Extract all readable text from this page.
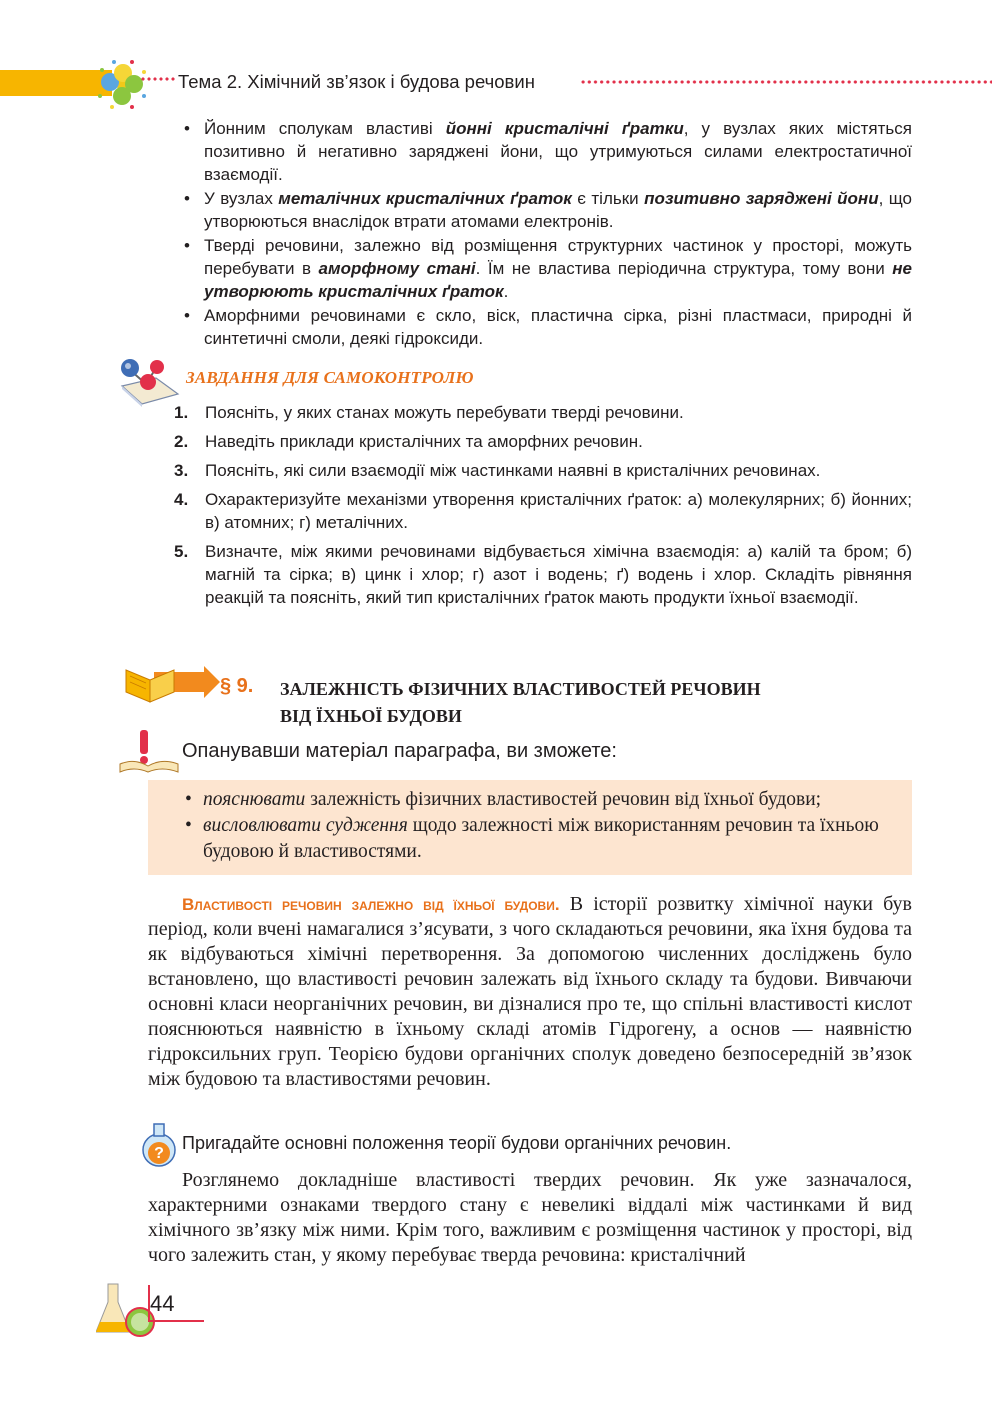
Тема 2. Хімічний зв’язок і будова речовин
• Йонним сполукам властиві йонні кристалічні ґратки, у вузлах яких містяться позитивно й негативно заряджені йони, що утримуються силами електростатичної взаємодії.
• У вузлах металічних кристалічних ґраток є тільки позитивно заряджені йони, що утворюються внаслідок втрати атомами електронів.
• Тверді речовини, залежно від розміщення структурних частинок у просторі, можуть перебувати в аморфному стані. Їм не властива періодична структура, тому вони не утворюють кристалічних ґраток.
• Аморфними речовинами є скло, віск, пластична сірка, різні пластмаси, природні й синтетичні смоли, деякі гідроксиди.
ЗАВДАННЯ ДЛЯ САМОКОНТРОЛЮ
1. Поясніть, у яких станах можуть перебувати тверді речовини.
2. Наведіть приклади кристалічних та аморфних речовин.
3. Поясніть, які сили взаємодії між частинками наявні в кристалічних речовинах.
4. Охарактеризуйте механізми утворення кристалічних ґраток: а) молекулярних; б) йонних; в) атомних; г) металічних.
5. Визначте, між якими речовинами відбувається хімічна взаємодія: а) калій та бром; б) магній та сірка; в) цинк і хлор; г) азот і водень; ґ) водень і хлор. Складіть рівняння реакцій та поясніть, який тип кристалічних ґраток мають продукти їхньої взаємодії.
§ 9. ЗАЛЕЖНІСТЬ ФІЗИЧНИХ ВЛАСТИВОСТЕЙ РЕЧОВИН
ВІД ЇХНЬОЇ БУДОВИ
Опанувавши матеріал параграфа, ви зможете:
• пояснювати залежність фізичних властивостей речовин від їхньої будови;
• висловлювати судження щодо залежності між використанням речовин та їхньою будовою й властивостями.
Властивості речовин залежно від їхньої будови. В історії розвитку хімічної науки був період, коли вчені намагалися з’ясувати, з чого складаються речовини, яка їхня будова та як відбуваються хімічні перетворення. За допомогою численних досліджень було встановлено, що властивості речовин залежать від їхнього складу та будови. Вивчаючи основні класи неорганічних речовин, ви дізналися про те, що спільні властивості кислот пояснюються наявністю в їхньому складі атомів Гідрогену, а основ — наявністю гідроксильних груп. Теорією будови органічних сполук доведено безпосередній зв’язок між будовою та властивостями речовин.
?
Пригадайте основні положення теорії будови органічних речовин.
Розглянемо докладніше властивості твердих речовин. Як уже зазначалося, характерними ознаками твердого стану є невеликі віддалі між частинками й вид хімічного зв’язку між ними. Крім того, важливим є розміщення частинок у просторі, від чого залежить стан, у якому перебуває тверда речовина: кристалічний
44
